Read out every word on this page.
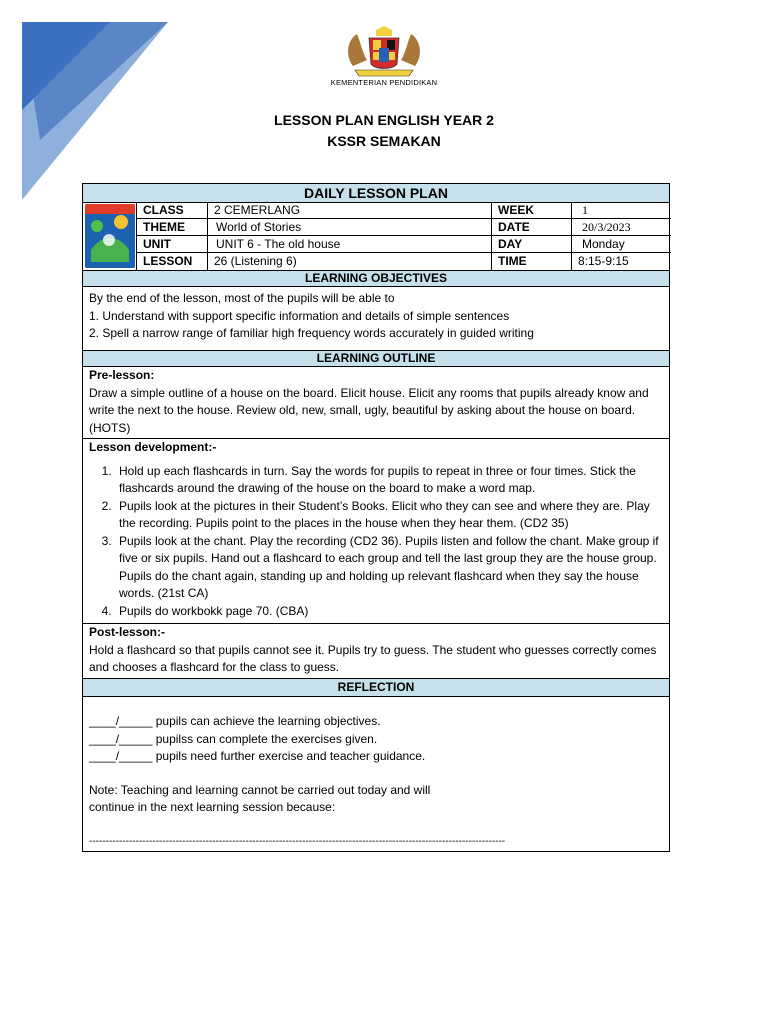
KEMENTERIAN PENDIDIKAN
LESSON PLAN ENGLISH YEAR 2
KSSR SEMAKAN
DAILY LESSON PLAN
CLASS	2 CEMERLANG	WEEK	1
THEME	World of Stories	DATE	20/3/2023
UNIT	UNIT 6 - The old house	DAY	Monday
LESSON	26 (Listening 6)	TIME	8:15-9:15
LEARNING OBJECTIVES
By the end of the lesson, most of the pupils will be able to
1. Understand with support specific information and details of simple sentences
2. Spell a narrow range of familiar high frequency words accurately in guided writing
LEARNING OUTLINE
Pre-lesson:
Draw a simple outline of a house on the board. Elicit house. Elicit any rooms that pupils already know and write the next to the house. Review old, new, small, ugly, beautiful by asking about the house on board. (HOTS)
Lesson development:-
1. Hold up each flashcards in turn. Say the words for pupils to repeat in three or four times. Stick the flashcards around the drawing of the house on the board to make a word map.
2. Pupils look at the pictures in their Student’s Books. Elicit who they can see and where they are. Play the recording. Pupils point to the places in the house when they hear them. (CD2 35)
3. Pupils look at the chant. Play the recording (CD2 36). Pupils listen and follow the chant. Make group if five or six pupils. Hand out a flashcard to each group and tell the last group they are the house group. Pupils do the chant again, standing up and holding up relevant flashcard when they say the house words. (21st CA)
4. Pupils do workbokk page 70. (CBA)
Post-lesson:-
Hold a flashcard so that pupils cannot see it. Pupils try to guess. The student who guesses correctly comes and chooses a flashcard for the class to guess.
REFLECTION
____/_____ pupils can achieve the learning objectives.
____/_____ pupilss can complete the exercises given.
____/_____ pupils need further exercise and teacher guidance.
Note: Teaching and learning cannot be carried out today and will
continue in the next learning session because:
-----------------------------------------------------------------------------------------------------------------------------
